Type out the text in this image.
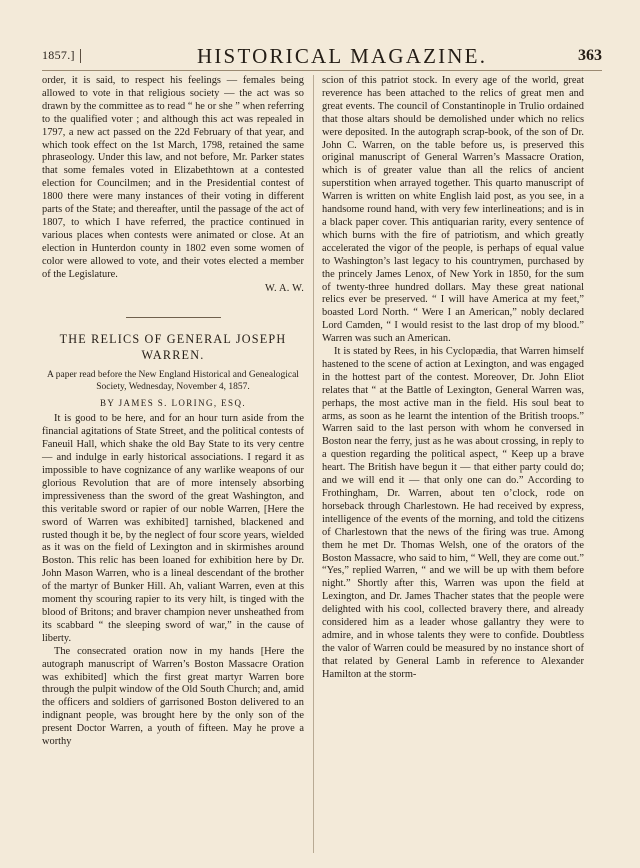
1857.]	HISTORICAL MAGAZINE.	363

order, it is said, to respect his feelings — females being allowed to vote in that religious society — the act was so drawn by the committee as to read “ he or she ” when referring to the qualified voter ; and although this act was repealed in 1797, a new act passed on the 22d February of that year, and which took effect on the 1st March, 1798, retained the same phraseology. Under this law, and not before, Mr. Parker states that some females voted in Elizabethtown at a contested election for Councilmen; and in the Presidential contest of 1800 there were many instances of their voting in different parts of the State; and thereafter, until the passage of the act of 1807, to which I have referred, the practice continued in various places when contests were animated or close. At an election in Hunterdon county in 1802 even some women of color were allowed to vote, and their votes elected a member of the Legislature.

W. A. W.

THE RELICS OF GENERAL JOSEPH
WARREN.

A paper read before the New England Historical and Genealogical Society, Wednesday, November 4, 1857.

BY JAMES S. LORING, ESQ.

It is good to be here, and for an hour turn aside from the financial agitations of State Street, and the political contests of Faneuil Hall, which shake the old Bay State to its very centre — and indulge in early historical associations. I regard it as impossible to have cognizance of any warlike weapons of our glorious Revolution that are of more intensely absorbing impressiveness than the sword of the great Washington, and this veritable sword or rapier of our noble Warren, [Here the sword of Warren was exhibited] tarnished, blackened and rusted though it be, by the neglect of four score years, wielded as it was on the field of Lexington and in skirmishes around Boston. This relic has been loaned for exhibition here by Dr. John Mason Warren, who is a lineal descendant of the brother of the martyr of Bunker Hill. Ah, valiant Warren, even at this moment thy scouring rapier to its very hilt, is tinged with the blood of Britons; and braver champion never unsheathed from its scabbard “ the sleeping sword of war,” in the cause of liberty.

The consecrated oration now in my hands [Here the autograph manuscript of Warren’s Boston Massacre Oration was exhibited] which the first great martyr Warren bore through the pulpit window of the Old South Church; and, amid the officers and soldiers of garrisoned Boston delivered to an indignant people, was brought here by the only son of the present Doctor Warren, a youth of fifteen. May he prove a worthy

scion of this patriot stock. In every age of the world, great reverence has been attached to the relics of great men and great events. The council of Constantinople in Trulio ordained that those altars should be demolished under which no relics were deposited. In the autograph scrap-book, of the son of Dr. John C. Warren, on the table before us, is preserved this original manuscript of General Warren’s Massacre Oration, which is of greater value than all the relics of ancient superstition when arrayed together. This quarto manuscript of Warren is written on white English laid post, as you see, in a handsome round hand, with very few interlineations; and is in a black paper cover. This antiquarian rarity, every sentence of which burns with the fire of patriotism, and which greatly accelerated the vigor of the people, is perhaps of equal value to Washington’s last legacy to his countrymen, purchased by the princely James Lenox, of New York in 1850, for the sum of twenty-three hundred dollars. May these great national relics ever be preserved. “ I will have America at my feet,” boasted Lord North. “ Were I an American,” nobly declared Lord Camden, “ I would resist to the last drop of my blood.” Warren was such an American.

It is stated by Rees, in his Cyclopædia, that Warren himself hastened to the scene of action at Lexington, and was engaged in the hottest part of the contest. Moreover, Dr. John Eliot relates that “ at the Battle of Lexington, General Warren was, perhaps, the most active man in the field. His soul beat to arms, as soon as he learnt the intention of the British troops.” Warren said to the last person with whom he conversed in Boston near the ferry, just as he was about crossing, in reply to a question regarding the political aspect, “ Keep up a brave heart. The British have begun it — that either party could do; and we will end it — that only one can do.” According to Frothingham, Dr. Warren, about ten o’clock, rode on horseback through Charlestown. He had received by express, intelligence of the events of the morning, and told the citizens of Charlestown that the news of the firing was true. Among them he met Dr. Thomas Welsh, one of the orators of the Boston Massacre, who said to him, “ Well, they are come out.” “Yes,” replied Warren, “ and we will be up with them before night.” Shortly after this, Warren was upon the field at Lexington, and Dr. James Thacher states that the people were delighted with his cool, collected bravery there, and already considered him as a leader whose gallantry they were to admire, and in whose talents they were to confide. Doubtless the valor of Warren could be measured by no instance short of that related by General Lamb in reference to Alexander Hamilton at the storm-
